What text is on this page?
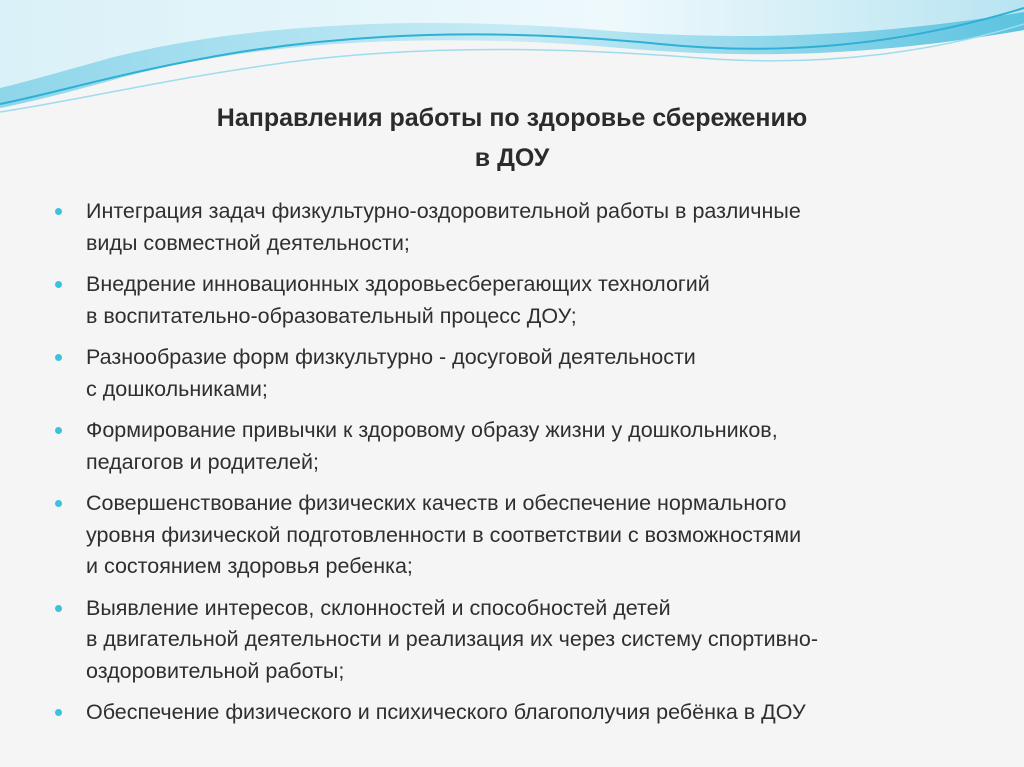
Направления работы по здоровье сбережению
в ДОУ
Интеграция задач физкультурно-оздоровительной работы в различные
виды совместной деятельности;
Внедрение инновационных здоровьесберегающих технологий
в воспитательно-образовательный процесс ДОУ;
Разнообразие форм физкультурно - досуговой деятельности
с дошкольниками;
Формирование привычки к здоровому образу жизни у дошкольников,
педагогов и родителей;
Совершенствование физических качеств и обеспечение нормального
уровня физической подготовленности в соответствии с возможностями
и состоянием здоровья ребенка;
Выявление интересов, склонностей и способностей детей
в двигательной деятельности и реализация их через систему спортивно-
оздоровительной работы;
Обеспечение физического и психического благополучия ребёнка в ДОУ
